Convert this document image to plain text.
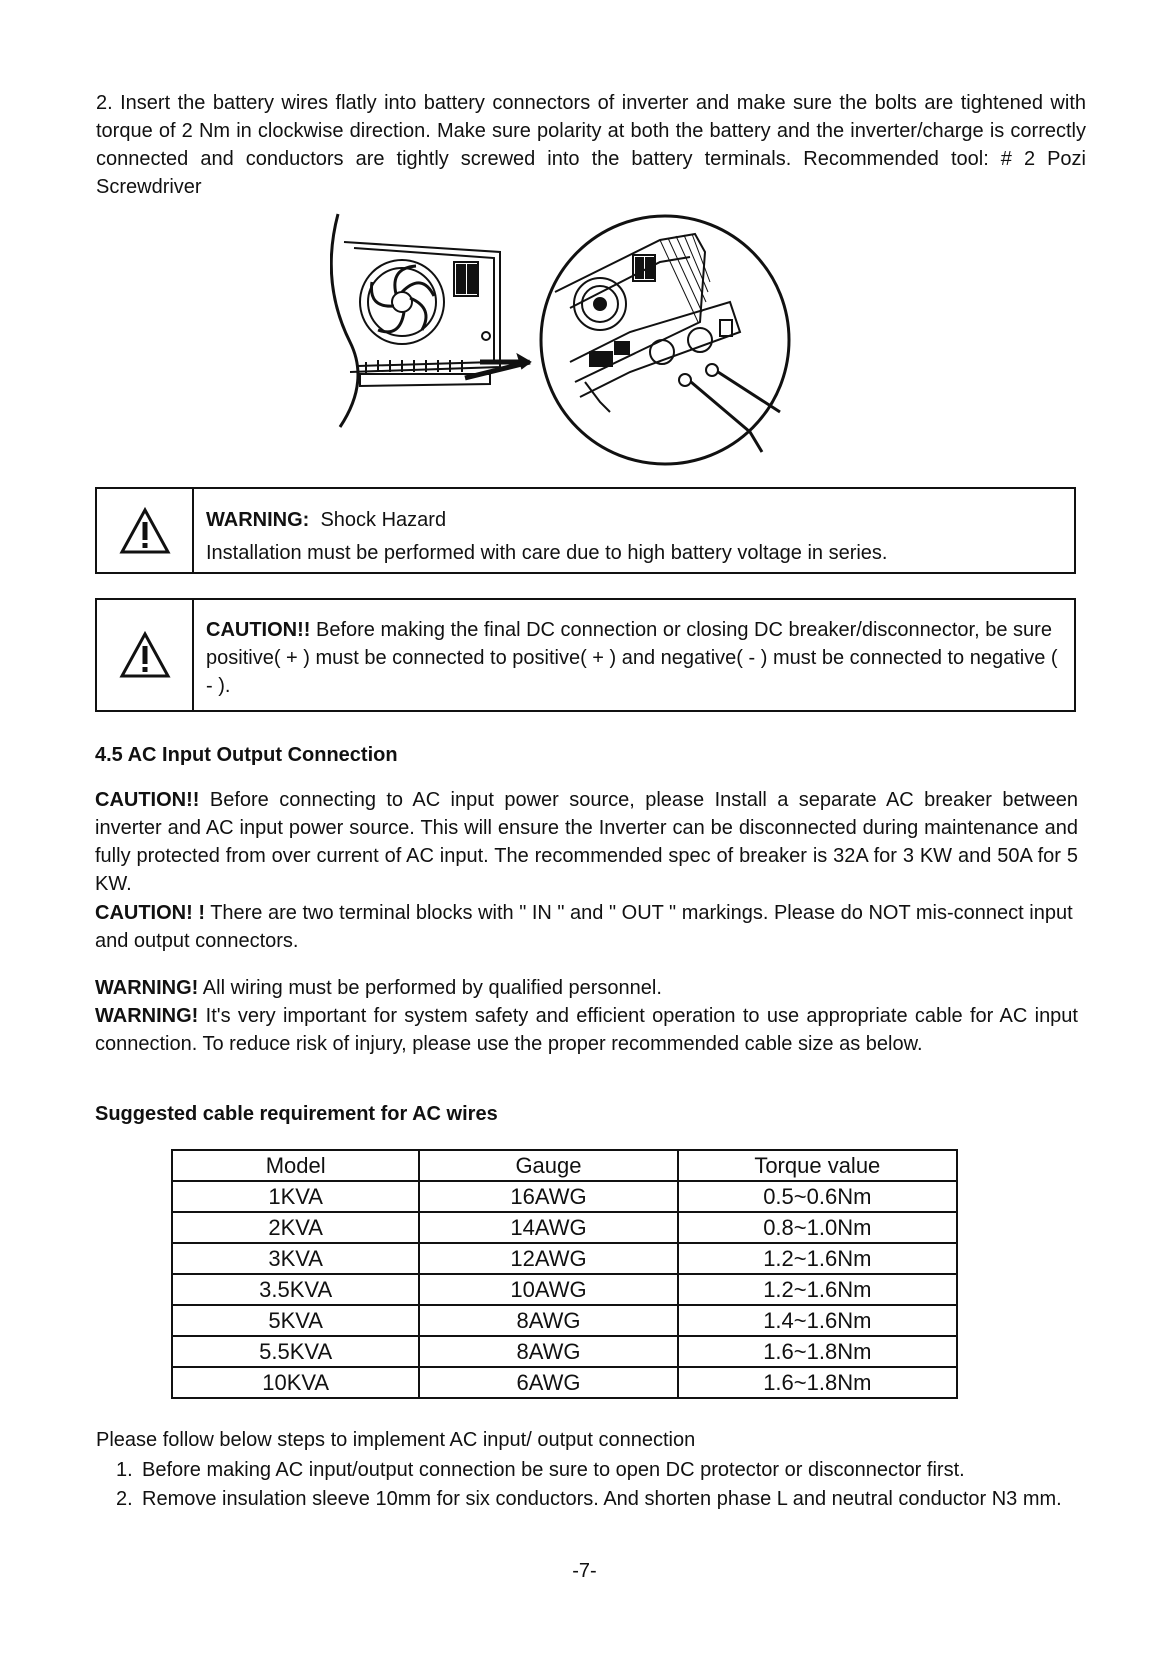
2. Insert the battery wires flatly into battery connectors of inverter and make sure the bolts are tightened with torque of 2 Nm in clockwise direction. Make sure polarity at both the battery and the inverter/charge is correctly connected and conductors are tightly screwed into the battery terminals. Recommended tool: # 2 Pozi Screwdriver

WARNING: Shock Hazard
Installation must be performed with care due to high battery voltage in series.
CAUTION!! Before making the final DC connection or closing DC breaker/disconnector, be sure positive( + ) must be connected to positive( + ) and negative( - ) must be connected to negative ( - ).
4.5 AC Input Output Connection

CAUTION!! Before connecting to AC input power source, please Install a separate AC breaker between inverter and AC input power source. This will ensure the Inverter can be disconnected during maintenance and fully protected from over current of AC input. The recommended spec of breaker is 32A for 3 KW and 50A for 5 KW.

CAUTION! ! There are two terminal blocks with " IN " and " OUT " markings. Please do NOT mis-connect input and output connectors.

WARNING! All wiring must be performed by qualified personnel.

WARNING! It's very important for system safety and efficient operation to use appropriate cable for AC input connection. To reduce risk of injury, please use the proper recommended cable size as below.

Suggested cable requirement for AC wires
Model	Gauge	Torque value
1KVA	16AWG	0.5~0.6Nm
2KVA	14AWG	0.8~1.0Nm
3KVA	12AWG	1.2~1.6Nm
3.5KVA	10AWG	1.2~1.6Nm
5KVA	8AWG	1.4~1.6Nm
5.5KVA	8AWG	1.6~1.8Nm
10KVA	6AWG	1.6~1.8Nm

Please follow below steps to implement AC input/ output connection

1. Before making AC input/output connection be sure to open DC protector or disconnector first.
2. Remove insulation sleeve 10mm for six conductors. And shorten phase L and neutral conductor N3 mm.

-7-
